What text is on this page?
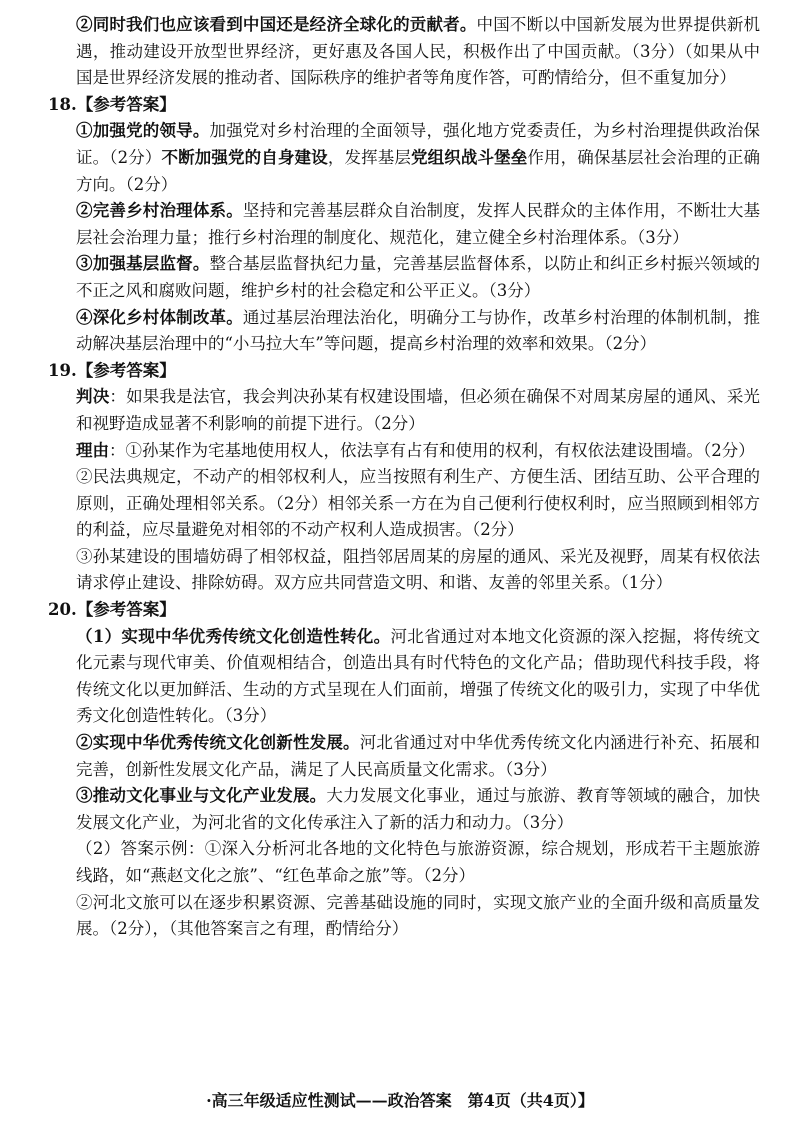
②同时我们也应该看到中国还是经济全球化的贡献者。中国不断以中国新发展为世界提供新机遇，推动建设开放型世界经济，更好惠及各国人民，积极作出了中国贡献。（3分）（如果从中国是世界经济发展的推动者、国际秩序的维护者等角度作答，可酌情给分，但不重复加分）

18.【参考答案】

①加强党的领导。加强党对乡村治理的全面领导，强化地方党委责任，为乡村治理提供政治保证。（2分）不断加强党的自身建设，发挥基层党组织战斗堡垒作用，确保基层社会治理的正确方向。（2分）

②完善乡村治理体系。坚持和完善基层群众自治制度，发挥人民群众的主体作用，不断壮大基层社会治理力量；推行乡村治理的制度化、规范化，建立健全乡村治理体系。（3分）

③加强基层监督。整合基层监督执纪力量，完善基层监督体系，以防止和纠正乡村振兴领域的不正之风和腐败问题，维护乡村的社会稳定和公平正义。（3分）

④深化乡村体制改革。通过基层治理法治化，明确分工与协作，改革乡村治理的体制机制，推动解决基层治理中的“小马拉大车”等问题，提高乡村治理的效率和效果。（2分）

19.【参考答案】

判决：如果我是法官，我会判决孙某有权建设围墙，但必须在确保不对周某房屋的通风、采光和视野造成显著不利影响的前提下进行。（2分）

理由：①孙某作为宅基地使用权人，依法享有占有和使用的权利，有权依法建设围墙。（2分）

②民法典规定，不动产的相邻权利人，应当按照有利生产、方便生活、团结互助、公平合理的原则，正确处理相邻关系。（2分）相邻关系一方在为自己便利行使权利时，应当照顾到相邻方的利益，应尽量避免对相邻的不动产权利人造成损害。（2分）

③孙某建设的围墙妨碍了相邻权益，阻挡邻居周某的房屋的通风、采光及视野，周某有权依法请求停止建设、排除妨碍。双方应共同营造文明、和谐、友善的邻里关系。（1分）

20.【参考答案】

（1）实现中华优秀传统文化创造性转化。河北省通过对本地文化资源的深入挖掘，将传统文化元素与现代审美、价值观相结合，创造出具有时代特色的文化产品；借助现代科技手段，将传统文化以更加鲜活、生动的方式呈现在人们面前，增强了传统文化的吸引力，实现了中华优秀文化创造性转化。（3分）

②实现中华优秀传统文化创新性发展。河北省通过对中华优秀传统文化内涵进行补充、拓展和完善，创新性发展文化产品，满足了人民高质量文化需求。（3分）

③推动文化事业与文化产业发展。大力发展文化事业，通过与旅游、教育等领域的融合，加快发展文化产业，为河北省的文化传承注入了新的活力和动力。（3分）

（2）答案示例：①深入分析河北各地的文化特色与旅游资源，综合规划，形成若干主题旅游线路，如“燕赵文化之旅”、“红色革命之旅”等。（2分）

②河北文旅可以在逐步积累资源、完善基础设施的同时，实现文旅产业的全面升级和高质量发展。（2分），（其他答案言之有理，酌情给分）

·高三年级适应性测试——政治答案　第4页（共4页）】
